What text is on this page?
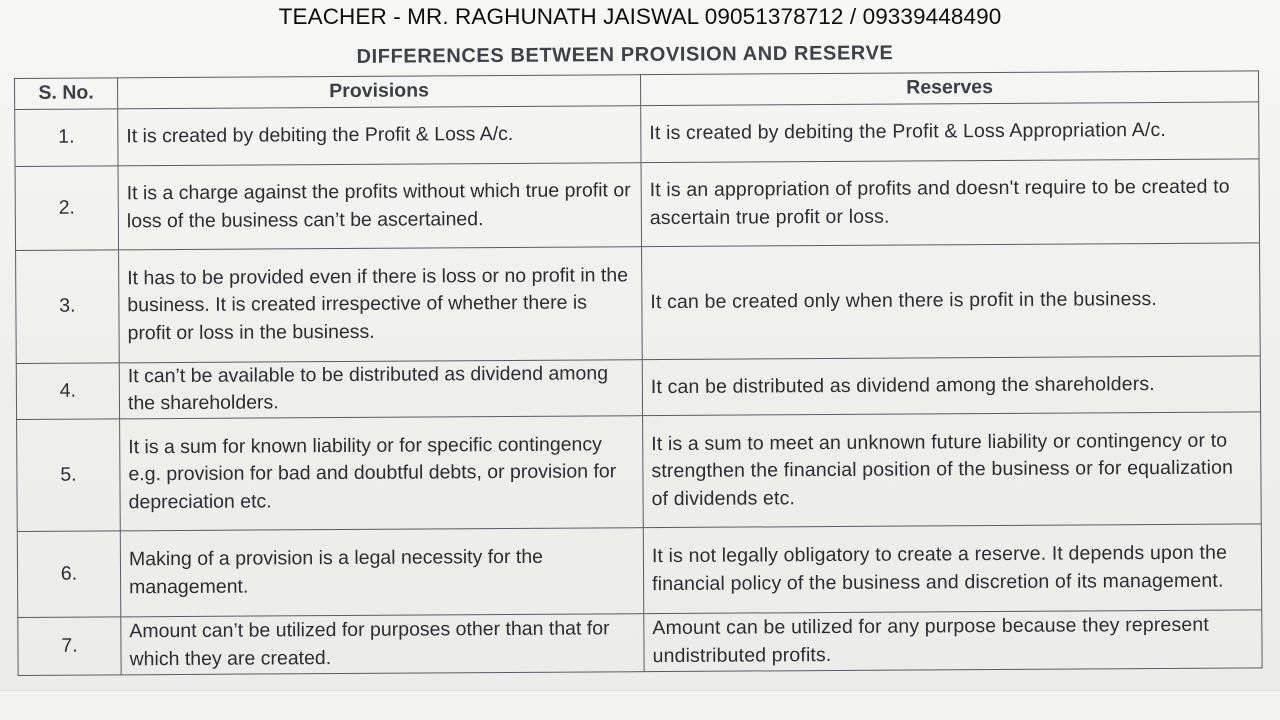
TEACHER - MR. RAGHUNATH JAISWAL 09051378712 / 09339448490
DIFFERENCES BETWEEN PROVISION AND RESERVE
S. No.	Provisions	Reserves
1.	It is created by debiting the Profit & Loss A/c.	It is created by debiting the Profit & Loss Appropriation A/c.
2.	It is a charge against the profits without which true profit or loss of the business can’t be ascertained.	It is an appropriation of profits and doesn't require to be created to ascertain true profit or loss.
3.	It has to be provided even if there is loss or no profit in the business. It is created irrespective of whether there is profit or loss in the business.	It can be created only when there is profit in the business.
4.	It can’t be available to be distributed as dividend among the shareholders.	It can be distributed as dividend among the shareholders.
5.	It is a sum for known liability or for specific contingency e.g. provision for bad and doubtful debts, or provision for depreciation etc.	It is a sum to meet an unknown future liability or contingency or to strengthen the financial position of the business or for equalization of dividends etc.
6.	Making of a provision is a legal necessity for the management.	It is not legally obligatory to create a reserve. It depends upon the financial policy of the business and discretion of its management.
7.	Amount can’t be utilized for purposes other than that for which they are created.	Amount can be utilized for any purpose because they represent undistributed profits.
